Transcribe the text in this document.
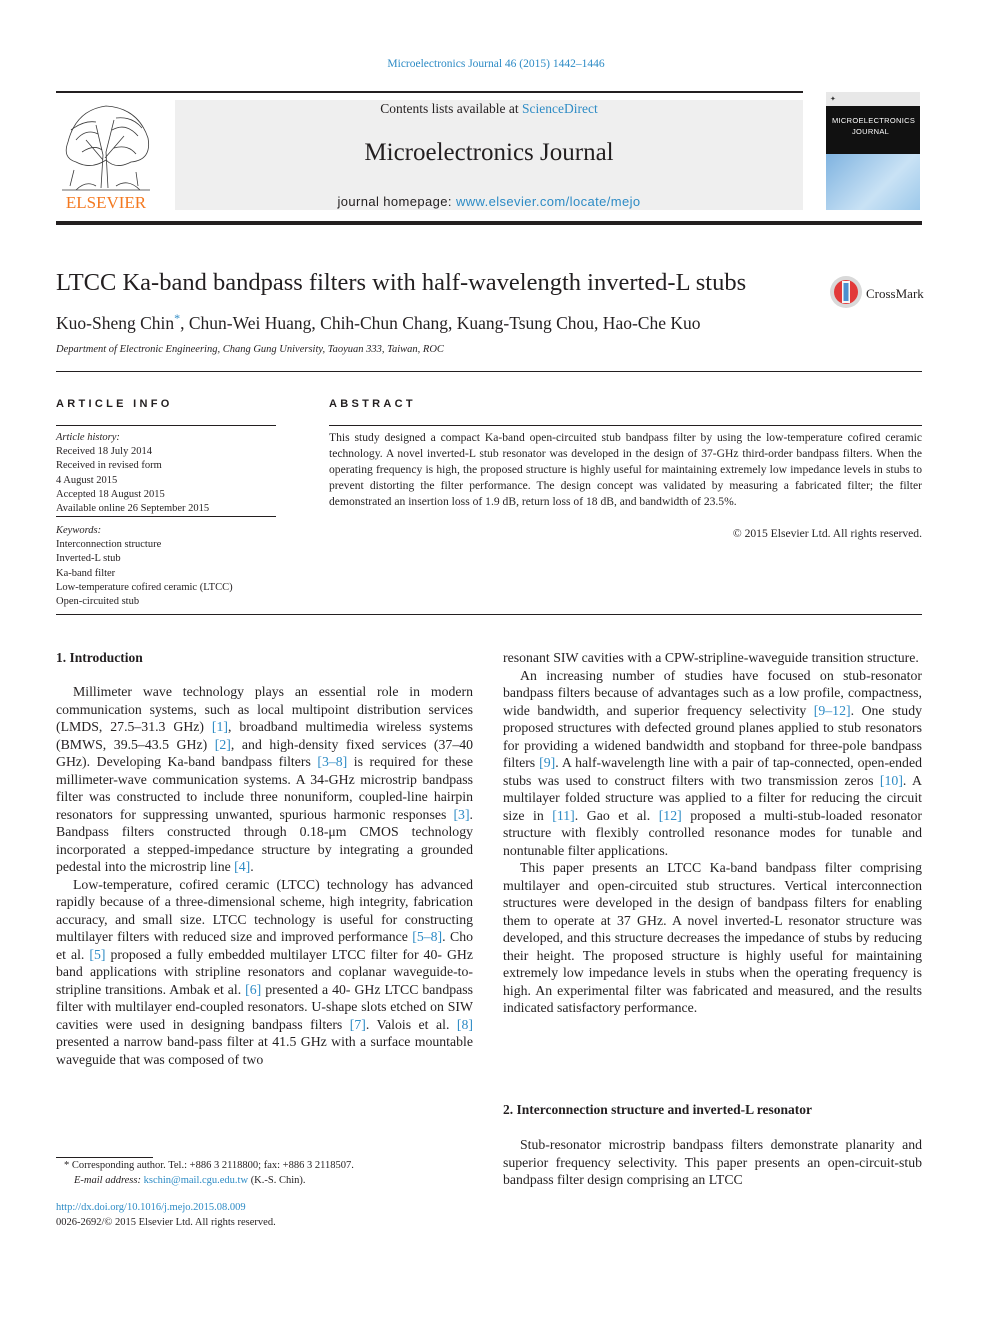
Microelectronics Journal 46 (2015) 1442–1446
ELSEVIER
Contents lists available at ScienceDirect
Microelectronics Journal
journal homepage: www.elsevier.com/locate/mejo
✦
MICROELECTRONICS
JOURNAL
LTCC Ka-band bandpass filters with half-wavelength inverted-L stubs	CrossMark
Kuo-Sheng Chin*, Chun-Wei Huang, Chih-Chun Chang, Kuang-Tsung Chou, Hao-Che Kuo
Department of Electronic Engineering, Chang Gung University, Taoyuan 333, Taiwan, ROC
ARTICLE INFO
Article history:
Received 18 July 2014
Received in revised form
4 August 2015
Accepted 18 August 2015
Available online 26 September 2015
Keywords:
Interconnection structure
Inverted-L stub
Ka-band filter
Low-temperature cofired ceramic (LTCC)
Open-circuited stub
ABSTRACT
This study designed a compact Ka-band open-circuited stub bandpass filter by using the low-temperature cofired ceramic technology. A novel inverted-L stub resonator was developed in the design of 37-GHz third-order bandpass filters. When the operating frequency is high, the proposed structure is highly useful for maintaining extremely low impedance levels in stubs to prevent distorting the filter performance. The design concept was validated by measuring a fabricated filter; the filter demonstrated an insertion loss of 1.9 dB, return loss of 18 dB, and bandwidth of 23.5%.
© 2015 Elsevier Ltd. All rights reserved.
1. Introduction

Millimeter wave technology plays an essential role in modern communication systems, such as local multipoint distribution services (LMDS, 27.5–31.3 GHz) [1], broadband multimedia wireless systems (BMWS, 39.5–43.5 GHz) [2], and high-density fixed services (37–40 GHz). Developing Ka-band bandpass filters [3–8] is required for these millimeter-wave communication systems. A 34-GHz microstrip bandpass filter was constructed to include three nonuniform, coupled-line hairpin resonators for suppressing unwanted, spurious harmonic responses [3]. Bandpass filters constructed through 0.18-μm CMOS technology incorporated a stepped-impedance structure by integrating a grounded pedestal into the microstrip line [4].

Low-temperature, cofired ceramic (LTCC) technology has advanced rapidly because of a three-dimensional scheme, high integrity, fabrication accuracy, and small size. LTCC technology is useful for constructing multilayer filters with reduced size and improved performance [5–8]. Cho et al. [5] proposed a fully embedded multilayer LTCC filter for 40- GHz band applications with stripline resonators and coplanar waveguide-to-stripline transitions. Ambak et al. [6] presented a 40- GHz LTCC bandpass filter with multilayer end-coupled resonators. U-shape slots etched on SIW cavities were used in designing bandpass filters [7]. Valois et al. [8] presented a narrow band-pass filter at 41.5 GHz with a surface mountable waveguide that was composed of two

resonant SIW cavities with a CPW-stripline-waveguide transition structure.

An increasing number of studies have focused on stub-resonator bandpass filters because of advantages such as a low profile, compactness, wide bandwidth, and superior frequency selectivity [9–12]. One study proposed structures with defected ground planes applied to stub resonators for providing a widened bandwidth and stopband for three-pole bandpass filters [9]. A half-wavelength line with a pair of tap-connected, open-ended stubs was used to construct filters with two transmission zeros [10]. A multilayer folded structure was applied to a filter for reducing the circuit size in [11]. Gao et al. [12] proposed a multi-stub-loaded resonator structure with flexibly controlled resonance modes for tunable and nontunable filter applications.

This paper presents an LTCC Ka-band bandpass filter comprising multilayer and open-circuited stub structures. Vertical interconnection structures were developed in the design of bandpass filters for enabling them to operate at 37 GHz. A novel inverted-L resonator structure was developed, and this structure decreases the impedance of stubs by reducing their height. The proposed structure is highly useful for maintaining extremely low impedance levels in stubs when the operating frequency is high. An experimental filter was fabricated and measured, and the results indicated satisfactory performance.

2. Interconnection structure and inverted-L resonator

Stub-resonator microstrip bandpass filters demonstrate planarity and superior frequency selectivity. This paper presents an open-circuit-stub bandpass filter design comprising an LTCC

* Corresponding author. Tel.: +886 3 2118800; fax: +886 3 2118507.
E-mail address: kschin@mail.cgu.edu.tw (K.-S. Chin).
http://dx.doi.org/10.1016/j.mejo.2015.08.009
0026-2692/© 2015 Elsevier Ltd. All rights reserved.
